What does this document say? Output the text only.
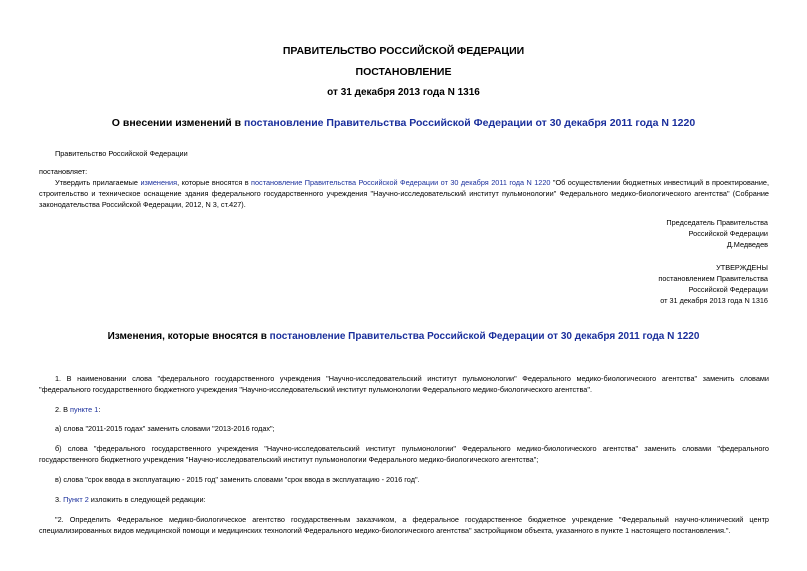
ПРАВИТЕЛЬСТВО РОССИЙСКОЙ ФЕДЕРАЦИИ
ПОСТАНОВЛЕНИЕ
от 31 декабря 2013 года N 1316
О внесении изменений в постановление Правительства Российской Федерации от 30 декабря 2011 года N 1220
Правительство Российской Федерации
постановляет:
Утвердить прилагаемые изменения, которые вносятся в постановление Правительства Российской Федерации от 30 декабря 2011 года N 1220 "Об осуществлении бюджетных инвестиций в проектирование, строительство и техническое оснащение здания федерального государственного учреждения "Научно-исследовательский институт пульмонологии" Федерального медико-биологического агентства" (Собрание законодательства Российской Федерации, 2012, N 3, ст.427).
Председатель Правительства
Российской Федерации
Д.Медведев
УТВЕРЖДЕНЫ
постановлением Правительства
Российской Федерации
от 31 декабря 2013 года N 1316
Изменения, которые вносятся в постановление Правительства Российской Федерации от 30 декабря 2011 года N 1220
1. В наименовании слова "федерального государственного учреждения "Научно-исследовательский институт пульмонологии" Федерального медико-биологического агентства" заменить словами "федерального государственного бюджетного учреждения "Научно-исследовательский институт пульмонологии Федерального медико-биологического агентства".
2. В пункте 1:
а) слова "2011-2015 годах" заменить словами "2013-2016 годах";
б) слова "федерального государственного учреждения "Научно-исследовательский институт пульмонологии" Федерального медико-биологического агентства" заменить словами "федерального государственного бюджетного учреждения "Научно-исследовательский институт пульмонологии Федерального медико-биологического агентства";
в) слова "срок ввода в эксплуатацию - 2015 год" заменить словами "срок ввода в эксплуатацию - 2016 год".
3. Пункт 2 изложить в следующей редакции:
"2. Определить Федеральное медико-биологическое агентство государственным заказчиком, а федеральное государственное бюджетное учреждение "Федеральный научно-клинический центр специализированных видов медицинской помощи и медицинских технологий Федерального медико-биологического агентства" застройщиком объекта, указанного в пункте 1 настоящего постановления.".
